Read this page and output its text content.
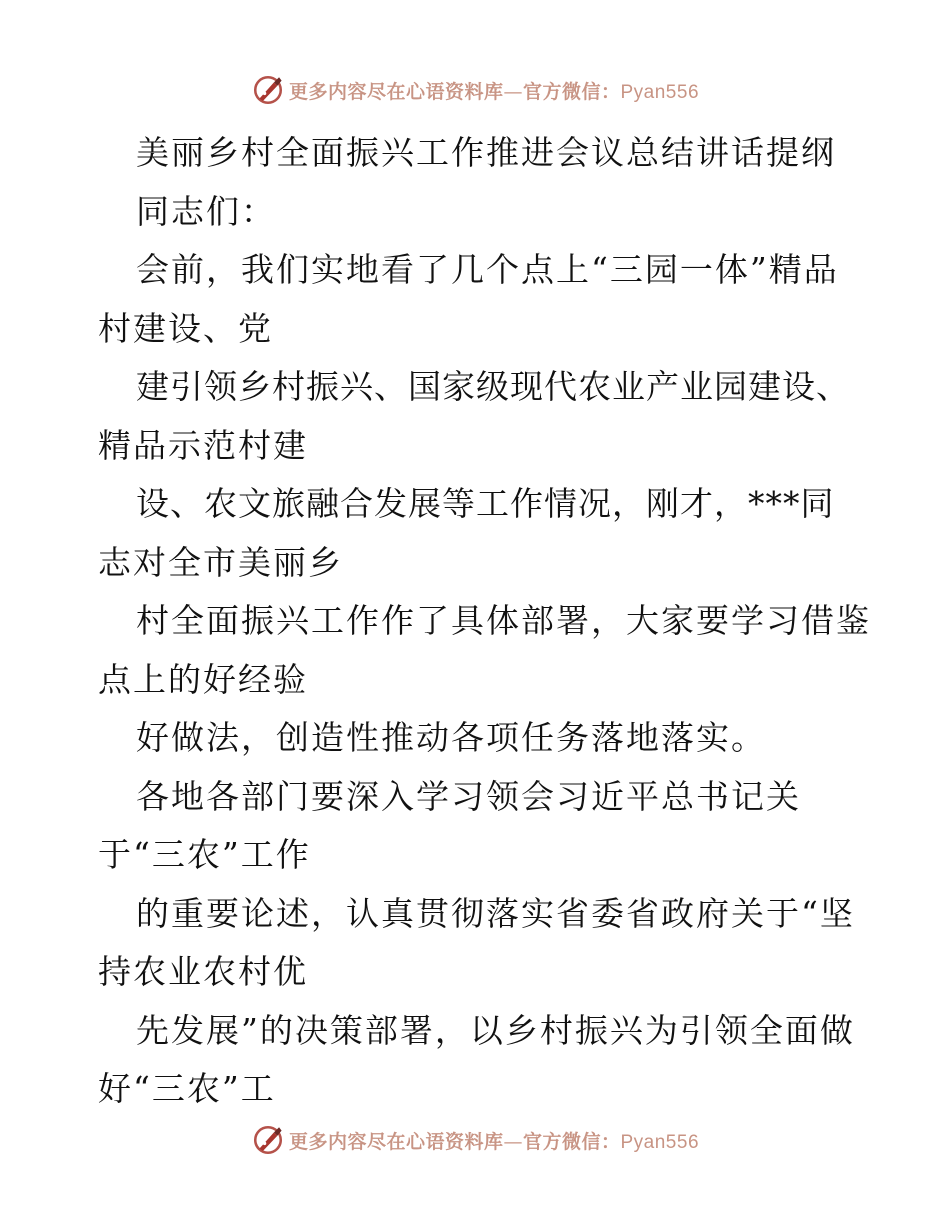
更多内容尽在心语资料库—官方微信：Pyan556
美丽乡村全面振兴工作推进会议总结讲话提纲
同志们：
会前，我们实地看了几个点上“三园一体”精品
村建设、党
建引领乡村振兴、国家级现代农业产业园建设、
精品示范村建
设、农文旅融合发展等工作情况，刚才，***同
志对全市美丽乡
村全面振兴工作作了具体部署，大家要学习借鉴
点上的好经验
好做法，创造性推动各项任务落地落实。
各地各部门要深入学习领会习近平总书记关
于“三农”工作
的重要论述，认真贯彻落实省委省政府关于“坚
持农业农村优
先发展”的决策部署，以乡村振兴为引领全面做
好“三农”工
更多内容尽在心语资料库—官方微信：Pyan556
